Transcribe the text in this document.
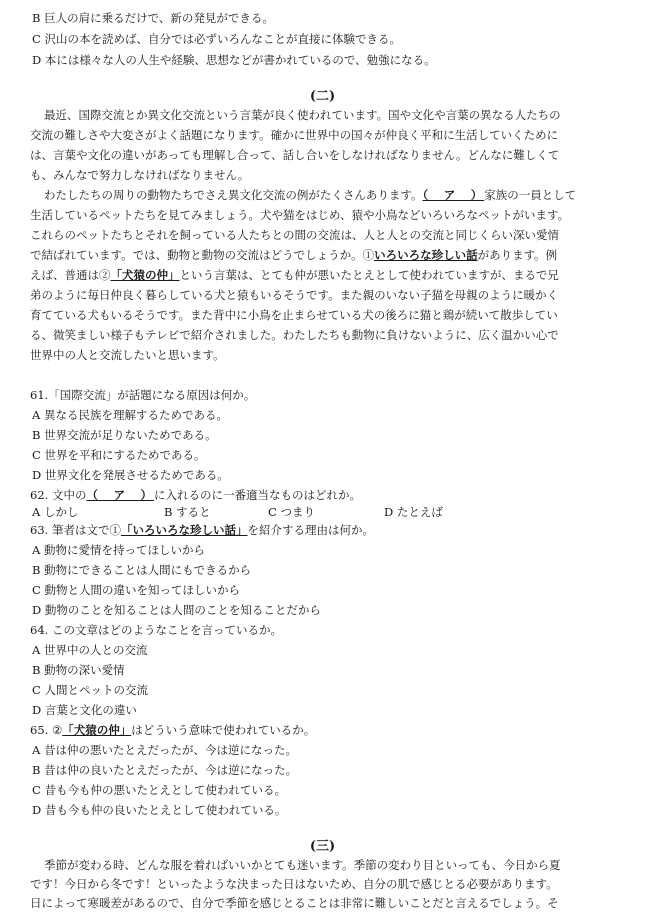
B 巨人の肩に乗るだけで、新の発見ができる。
C 沢山の本を読めば、自分では必ずいろんなことが直接に体験できる。
D 本には様々な人の人生や経験、思想などが書かれているので、勉強になる。
(二)
最近、国際交流とか異文化交流という言葉が良く使われています。国や文化や言葉の異なる人たちの
交流の難しさや大変さがよく話題になります。確かに世界中の国々が仲良く平和に生活していくために
は、言葉や文化の違いがあっても理解し合って、話し合いをしなければなりません。どんなに難しくて
も、みんなで努力しなければなりません。
わたしたちの周りの動物たちでさえ異文化交流の例がたくさんあります。（　ア　）家族の一員として
生活しているペットたちを見てみましょう。犬や猫をはじめ、猿や小鳥などいろいろなペットがいます。
これらのペットたちとそれを飼っている人たちとの間の交流は、人と人との交流と同じくらい深い愛情
で結ばれています。では、動物と動物の交流はどうでしょうか。①いろいろな珍しい話があります。例
えば、普通は②「犬猿の仲」という言葉は、とても仲が悪いたとえとして使われていますが、まるで兄
弟のように毎日仲良く暮らしている犬と猿もいるそうです。また親のいない子猫を母親のように暖かく
育てている犬もいるそうです。また背中に小鳥を止まらせている犬の後ろに猫と鶏が続いて散歩してい
る、微笑ましい様子もテレビで紹介されました。わたしたちも動物に負けないように、広く温かい心で
世界中の人と交流したいと思います。
61.「国際交流」が話題になる原因は何か。
A 異なる民族を理解するためである。
B 世界交流が足りないためである。
C 世界を平和にするためである。
D 世界文化を発展させるためである。
62. 文中の（　ア　）に入れるのに一番適当なものはどれか。
A しかし	B すると	C つまり	D たとえば
63. 筆者は文で①「いろいろな珍しい話」を紹介する理由は何か。
A 動物に愛情を持ってほしいから
B 動物にできることは人間にもできるから
C 動物と人間の違いを知ってほしいから
D 動物のことを知ることは人間のことを知ることだから
64. この文章はどのようなことを言っているか。
A 世界中の人との交流
B 動物の深い愛情
C 人間とペットの交流
D 言葉と文化の違い
65. ②「犬猿の仲」はどういう意味で使われているか。
A 昔は仲の悪いたとえだったが、今は逆になった。
B 昔は仲の良いたとえだったが、今は逆になった。
C 昔も今も仲の悪いたとえとして使われている。
D 昔も今も仲の良いたとえとして使われている。
(三)
季節が変わる時、どんな服を着ればいいかとても迷います。季節の変わり目といっても、今日から夏
です！今日から冬です！といったような決まった日はないため、自分の肌で感じとる必要があります。
日によって寒暖差があるので、自分で季節を感じとることは非常に難しいことだと言えるでしょう。そ
